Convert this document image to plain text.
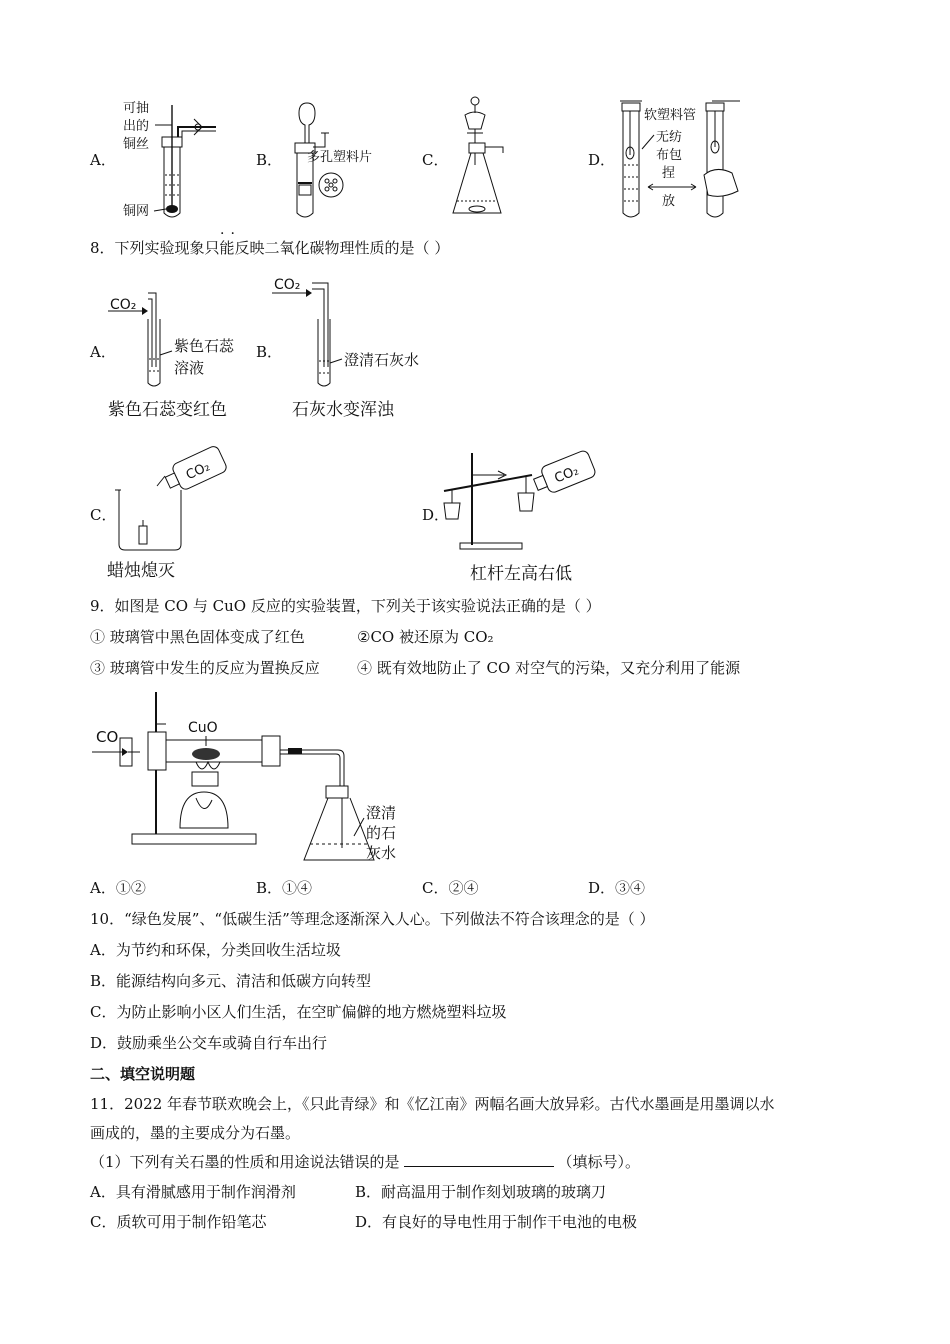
A．	B．	C．	D．
可抽
出的
铜丝
铜网
多孔塑料片
软塑料管
无纺
布包
捏
放
8．下列实验现象只能反映二氧化碳物理性质的是（ ）
··
A．
CO₂
紫色石蕊
溶液
紫色石蕊变红色
B．
CO₂
澄清石灰水
石灰水变浑浊
C．
CO₂
蜡烛熄灭
D．
CO₂
杠杆左高右低
9．如图是 CO 与 CuO 反应的实验装置，下列关于该实验说法正确的是（ ）
① 玻璃管中黑色固体变成了红色	②CO 被还原为 CO₂
③ 玻璃管中发生的反应为置换反应 ④ 既有效地防止了 CO 对空气的污染，又充分利用了能源
CO	CuO
澄清
的石
灰水
A．①②	B．①④	C．②④	D．③④
10．“绿色发展”、“低碳生活”等理念逐渐深入人心。下列做法不符合该理念的是（ ）
A．为节约和环保，分类回收生活垃圾
B．能源结构向多元、清洁和低碳方向转型
C．为防止影响小区人们生活，在空旷偏僻的地方燃烧塑料垃圾
D．鼓励乘坐公交车或骑自行车出行
二、填空说明题
11．2022 年春节联欢晚会上，《只此青绿》和《忆江南》两幅名画大放异彩。古代水墨画是用墨调以水
画成的，墨的主要成分为石墨。
（1）下列有关石墨的性质和用途说法错误的是	（填标号）。
A．具有滑腻感用于制作润滑剂	B．耐高温用于制作刻划玻璃的玻璃刀
C．质软可用于制作铅笔芯	D．有良好的导电性用于制作干电池的电极
